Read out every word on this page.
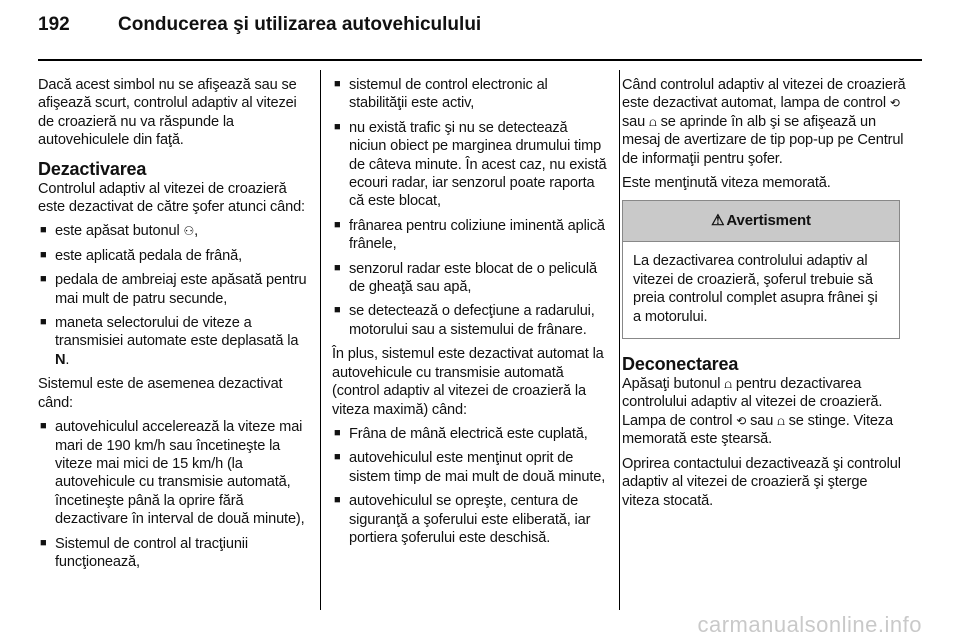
192	Conducerea şi utilizarea autovehiculului

Dacă acest simbol nu se afişează sau se afişează scurt, controlul adaptiv al vitezei de croazieră nu va răspunde la autovehiculele din faţă.

Dezactivarea

Controlul adaptiv al vitezei de croazieră este dezactivat de către şofer atunci când:

■ este apăsat butonul ⚇,
■ este aplicată pedala de frână,
■ pedala de ambreiaj este apăsată pentru mai mult de patru secunde,
■ maneta selectorului de viteze a transmisiei automate este deplasată la N.

Sistemul este de asemenea dezactivat când:

■ autovehiculul accelerează la viteze mai mari de 190 km/h sau încetineşte la viteze mai mici de 15 km/h (la autovehicule cu transmisie automată, încetineşte până la oprire fără dezactivare în interval de două minute),
■ Sistemul de control al tracţiunii funcţionează,
■ sistemul de control electronic al stabilităţii este activ,
■ nu există trafic şi nu se detectează niciun obiect pe marginea drumului timp de câteva minute. În acest caz, nu există ecouri radar, iar senzorul poate raporta că este blocat,
■ frânarea pentru coliziune iminentă aplică frânele,
■ senzorul radar este blocat de o peliculă de gheaţă sau apă,
■ se detectează o defecţiune a radarului, motorului sau a sistemului de frânare.

În plus, sistemul este dezactivat automat la autovehicule cu transmisie automată (control adaptiv al vitezei de croazieră la viteza maximă) când:

■ Frâna de mână electrică este cuplată,
■ autovehiculul este menţinut oprit de sistem timp de mai mult de două minute,
■ autovehiculul se opreşte, centura de siguranţă a şoferului este eliberată, iar portiera şoferului este deschisă.

Când controlul adaptiv al vitezei de croazieră este dezactivat automat, lampa de control ⟲ sau ⩍ se aprinde în alb şi se afişează un mesaj de avertizare de tip pop-up pe Centrul de informaţii pentru şofer.

Este menţinută viteza memorată.

⚠ Avertisment
La dezactivarea controlului adaptiv al vitezei de croazieră, şoferul trebuie să preia controlul complet asupra frânei şi a motorului.
Deconectarea

Apăsaţi butonul ⩍ pentru dezactivarea controlului adaptiv al vitezei de croazieră. Lampa de control ⟲ sau ⩍ se stinge. Viteza memorată este ştearsă.

Oprirea contactului dezactivează şi controlul adaptiv al vitezei de croazieră şi şterge viteza stocată.

carmanualsonline.info
